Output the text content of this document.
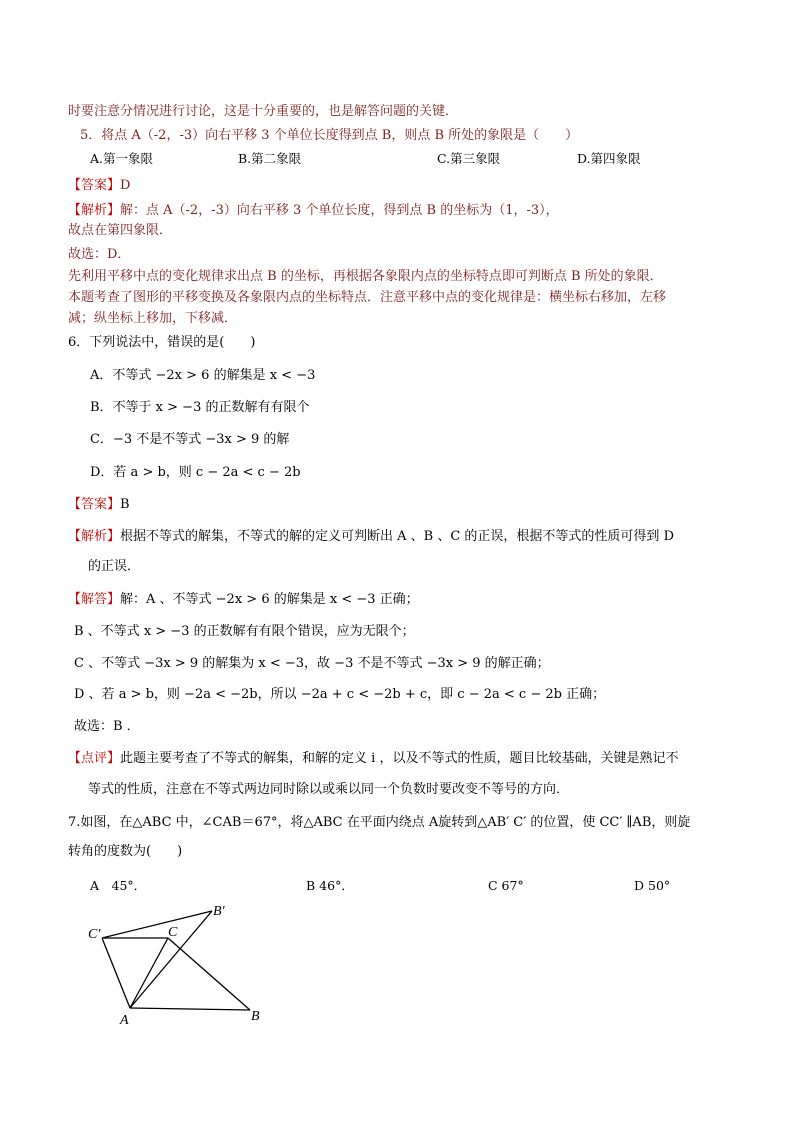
时要注意分情况进行讨论，这是十分重要的，也是解答问题的关键．
5．将点 A（-2，-3）向右平移 3 个单位长度得到点 B，则点 B 所处的象限是（　　）
A.第一象限	B.第二象限	C.第三象限	D.第四象限
【答案】D
【解析】解：点 A（-2，-3）向右平移 3 个单位长度，得到点 B 的坐标为（1，-3），
故点在第四象限．
故选：D．
先利用平移中点的变化规律求出点 B 的坐标，再根据各象限内点的坐标特点即可判断点 B 所处的象限．
本题考查了图形的平移变换及各象限内点的坐标特点．注意平移中点的变化规律是：横坐标右移加，左移
减；纵坐标上移加，下移减．
6．下列说法中，错误的是(　　)
A．不等式 −2x > 6 的解集是 x < −3
B．不等于 x > −3 的正数解有有限个
C．−3 不是不等式 −3x > 9 的解
D．若 a > b，则 c − 2a < c − 2b
【答案】B
【解析】根据不等式的解集，不等式的解的定义可判断出 A 、B 、C 的正误，根据不等式的性质可得到 D
的正误．
【解答】解：A 、不等式 −2x > 6 的解集是 x < −3 正确；
B 、不等式 x > −3 的正数解有有限个错误，应为无限个；
C 、不等式 −3x > 9 的解集为 x < −3，故 −3 不是不等式 −3x > 9 的解正确；
D 、若 a > b，则 −2a < −2b，所以 −2a + c < −2b + c，即 c − 2a < c − 2b 正确；
故选：B ．
【点评】此题主要考查了不等式的解集，和解的定义 i ，以及不等式的性质，题目比较基础，关键是熟记不
等式的性质，注意在不等式两边同时除以或乘以同一个负数时要改变不等号的方向．
7.如图，在△ABC 中，∠CAB＝67°，将△ABC 在平面内绕点 A旋转到△AB′ C′ 的位置，使 CC′ ∥AB，则旋
转角的度数为(　　)
A　45°．	B 46°．	C 67°	D 50°
C′	C
B′
A	B
